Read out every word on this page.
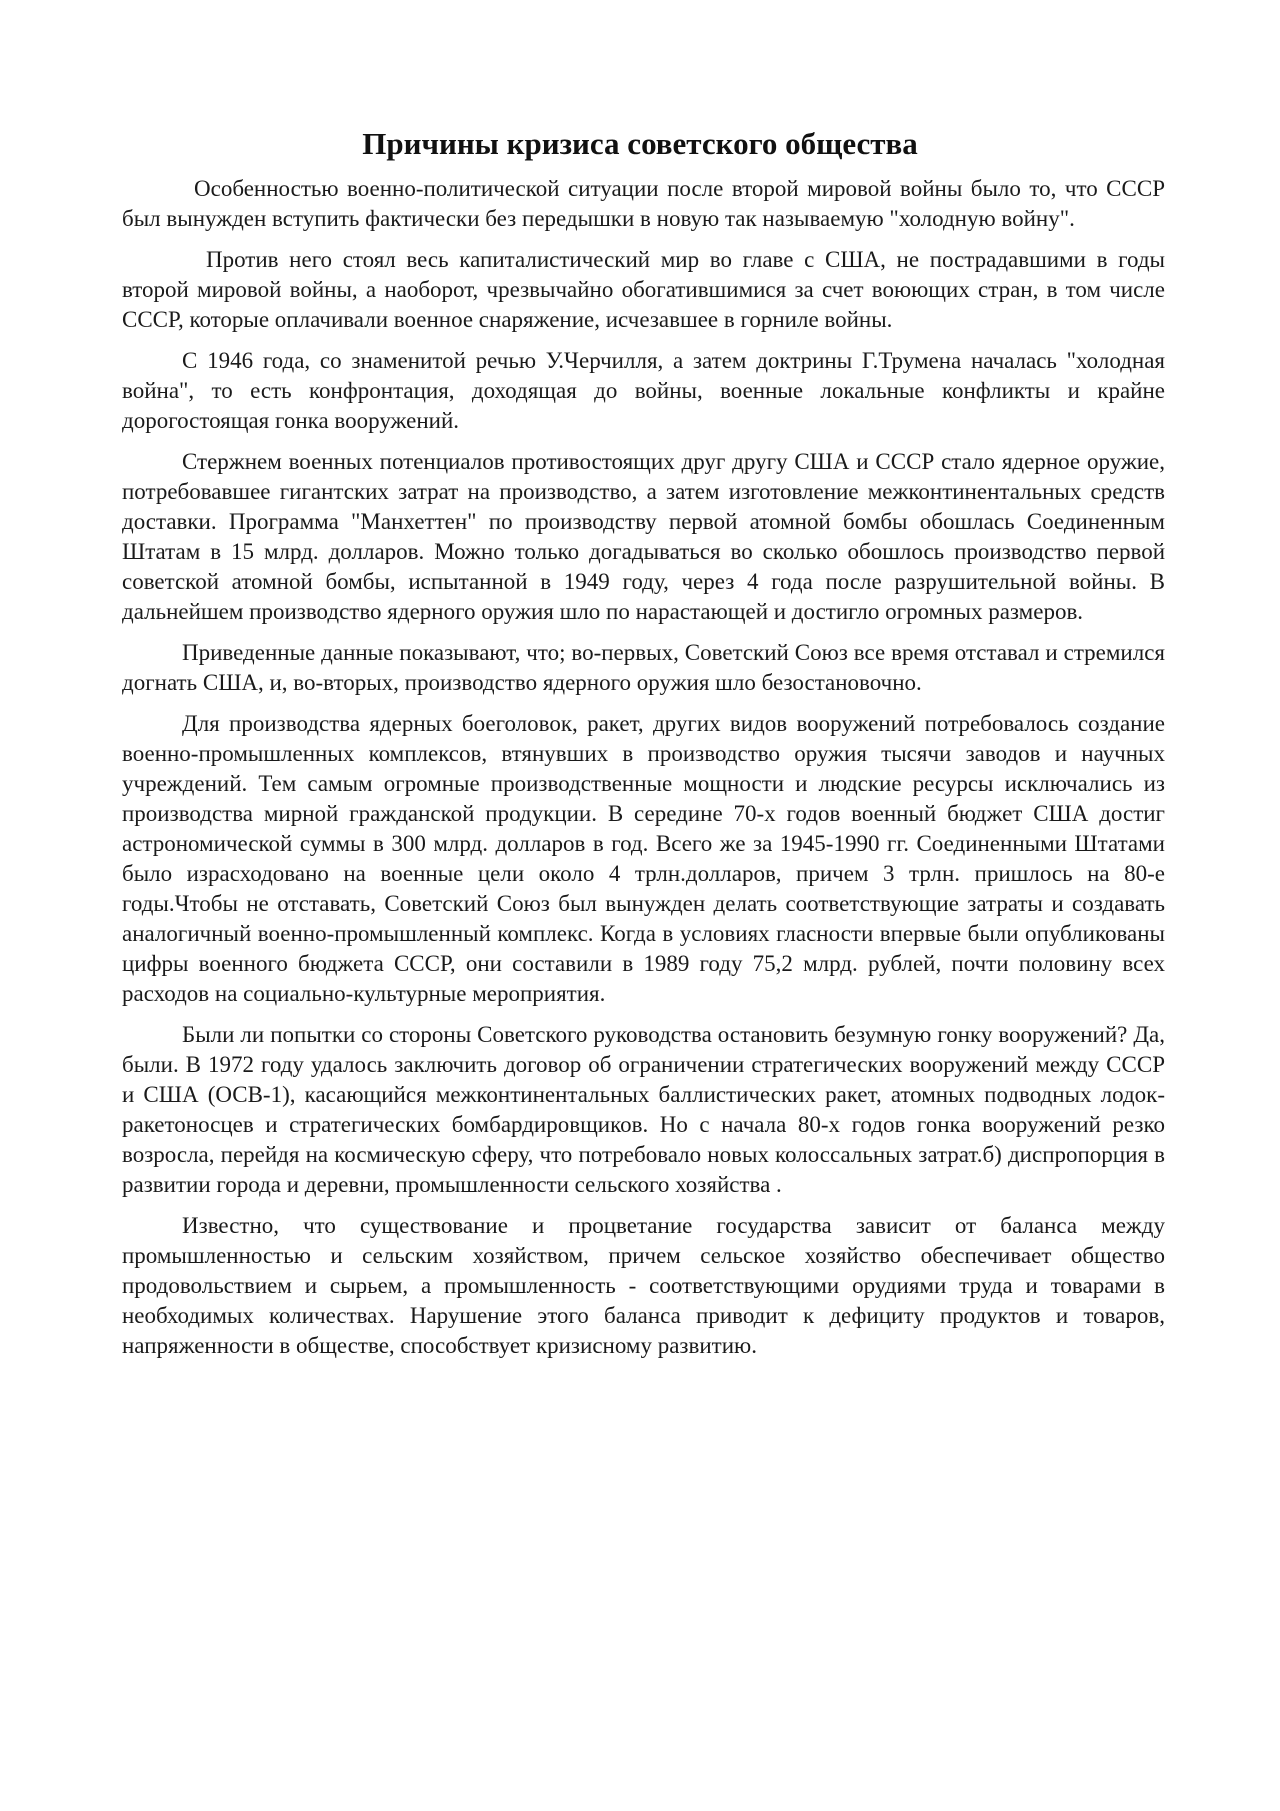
Причины кризиса советского общества

Особенностью военно-политической ситуации после второй мировой войны было то, что СССР был вынужден вступить фактически без передышки в новую так называемую "холодную войну".

Против него стоял весь капиталистический мир во главе с США, не пострадавшими в годы второй мировой войны, а наоборот, чрезвычайно обогатившимися за счет воюющих стран, в том числе СССР, которые оплачивали военное снаряжение, исчезавшее в горниле войны.

С 1946 года, со знаменитой речью У.Черчилля, а затем доктрины Г.Трумена началась "холодная война", то есть конфронтация, доходящая до войны, военные локальные конфликты и крайне дорогостоящая гонка вооружений.

Стержнем военных потенциалов противостоящих друг другу США и СССР стало ядерное оружие, потребовавшее гигантских затрат на производство, а затем изготовление межконтинентальных средств доставки. Программа "Манхеттен" по производству первой атомной бомбы обошлась Соединенным Штатам в 15 млрд. долларов. Можно только догадываться во сколько обошлось производство первой советской атомной бомбы, испытанной в 1949 году, через 4 года после разрушительной войны. В дальнейшем производство ядерного оружия шло по нарастающей и достигло огромных размеров.

Приведенные данные показывают, что; во-первых, Советский Союз все время отставал и стремился догнать США, и, во-вторых, производство ядерного оружия шло безостановочно.

Для производства ядерных боеголовок, ракет, других видов вооружений потребовалось создание военно-промышленных комплексов, втянувших в производство оружия тысячи заводов и научных учреждений. Тем самым огромные производственные мощности и людские ресурсы исключались из производства мирной гражданской продукции. В середине 70-х годов военный бюджет США достиг астрономической суммы в 300 млрд. долларов в год. Всего же за 1945-1990 гг. Соединенными Штатами было израсходовано на военные цели около 4 трлн.долларов, причем 3 трлн. пришлось на 80-е годы.Чтобы не отставать, Советский Союз был вынужден делать соответствующие затраты и создавать аналогичный военно-промышленный комплекс. Когда в условиях гласности впервые были опубликованы цифры военного бюджета СССР, они составили в 1989 году 75,2 млрд. рублей, почти половину всех расходов на социально-культурные мероприятия.

Были ли попытки со стороны Советского руководства остановить безумную гонку вооружений? Да, были. В 1972 году удалось заключить договор об ограничении стратегических вооружений между СССР и США (ОСВ-1), касающийся межконтинентальных баллистических ракет, атомных подводных лодок-ракетоносцев и стратегических бомбардировщиков. Но с начала 80-х годов гонка вооружений резко возросла, перейдя на космическую сферу, что потребовало новых колоссальных затрат.б) диспропорция в развитии города и деревни, промышленности сельского хозяйства .

Известно, что существование и процветание государства зависит от баланса между промышленностью и сельским хозяйством, причем сельское хозяйство обеспечивает общество продовольствием и сырьем, а промышленность - соответствующими орудиями труда и товарами в необходимых количествах. Нарушение этого баланса приводит к дефициту продуктов и товаров, напряженности в обществе, способствует кризисному развитию.
